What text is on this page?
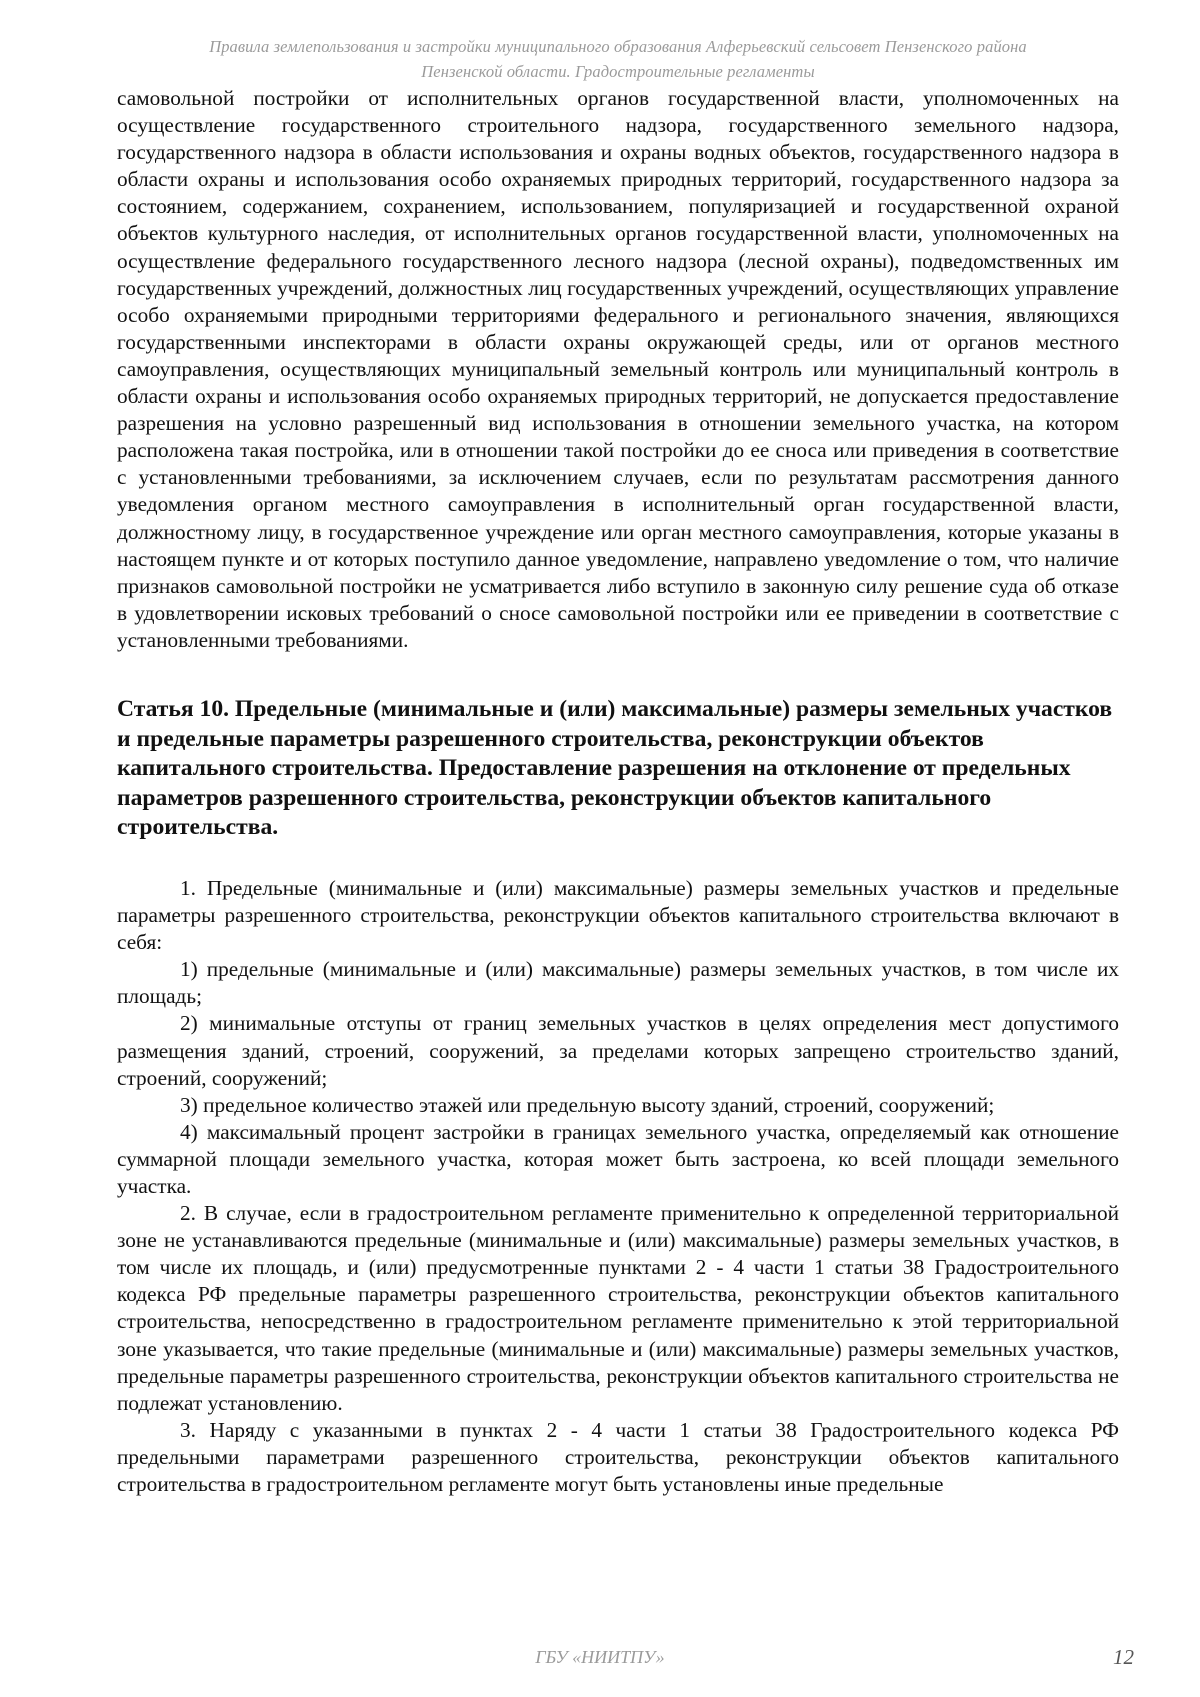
Правила землепользования и застройки муниципального образования Алферьевский сельсовет Пензенского района
Пензенской области. Градостроительные регламенты

самовольной постройки от исполнительных органов государственной власти, уполномоченных на осуществление государственного строительного надзора, государственного земельного надзора, государственного надзора в области использования и охраны водных объектов, государственного надзора в области охраны и использования особо охраняемых природных территорий, государственного надзора за состоянием, содержанием, сохранением, использованием, популяризацией и государственной охраной объектов культурного наследия, от исполнительных органов государственной власти, уполномоченных на осуществление федерального государственного лесного надзора (лесной охраны), подведомственных им государственных учреждений, должностных лиц государственных учреждений, осуществляющих управление особо охраняемыми природными территориями федерального и регионального значения, являющихся государственными инспекторами в области охраны окружающей среды, или от органов местного самоуправления, осуществляющих муниципальный земельный контроль или муниципальный контроль в области охраны и использования особо охраняемых природных территорий, не допускается предоставление разрешения на условно разрешенный вид использования в отношении земельного участка, на котором расположена такая постройка, или в отношении такой постройки до ее сноса или приведения в соответствие с установленными требованиями, за исключением случаев, если по результатам рассмотрения данного уведомления органом местного самоуправления в исполнительный орган государственной власти, должностному лицу, в государственное учреждение или орган местного самоуправления, которые указаны в настоящем пункте и от которых поступило данное уведомление, направлено уведомление о том, что наличие признаков самовольной постройки не усматривается либо вступило в законную силу решение суда об отказе в удовлетворении исковых требований о сносе самовольной постройки или ее приведении в соответствие с установленными требованиями.

Статья 10. Предельные (минимальные и (или) максимальные) размеры земельных участков и предельные параметры разрешенного строительства, реконструкции объектов капитального строительства. Предоставление разрешения на отклонение от предельных параметров разрешенного строительства, реконструкции объектов капитального строительства.

1. Предельные (минимальные и (или) максимальные) размеры земельных участков и предельные параметры разрешенного строительства, реконструкции объектов капитального строительства включают в себя:

1) предельные (минимальные и (или) максимальные) размеры земельных участков, в том числе их площадь;

2) минимальные отступы от границ земельных участков в целях определения мест допустимого размещения зданий, строений, сооружений, за пределами которых запрещено строительство зданий, строений, сооружений;

3) предельное количество этажей или предельную высоту зданий, строений, сооружений;

4) максимальный процент застройки в границах земельного участка, определяемый как отношение суммарной площади земельного участка, которая может быть застроена, ко всей площади земельного участка.

2. В случае, если в градостроительном регламенте применительно к определенной территориальной зоне не устанавливаются предельные (минимальные и (или) максимальные) размеры земельных участков, в том числе их площадь, и (или) предусмотренные пунктами 2 - 4 части 1 статьи 38 Градостроительного кодекса РФ предельные параметры разрешенного строительства, реконструкции объектов капитального строительства, непосредственно в градостроительном регламенте применительно к этой территориальной зоне указывается, что такие предельные (минимальные и (или) максимальные) размеры земельных участков, предельные параметры разрешенного строительства, реконструкции объектов капитального строительства не подлежат установлению.

3. Наряду с указанными в пунктах 2 - 4 части 1 статьи 38 Градостроительного кодекса РФ предельными параметрами разрешенного строительства, реконструкции объектов капитального строительства в градостроительном регламенте могут быть установлены иные предельные

ГБУ «НИИТПУ»	12
